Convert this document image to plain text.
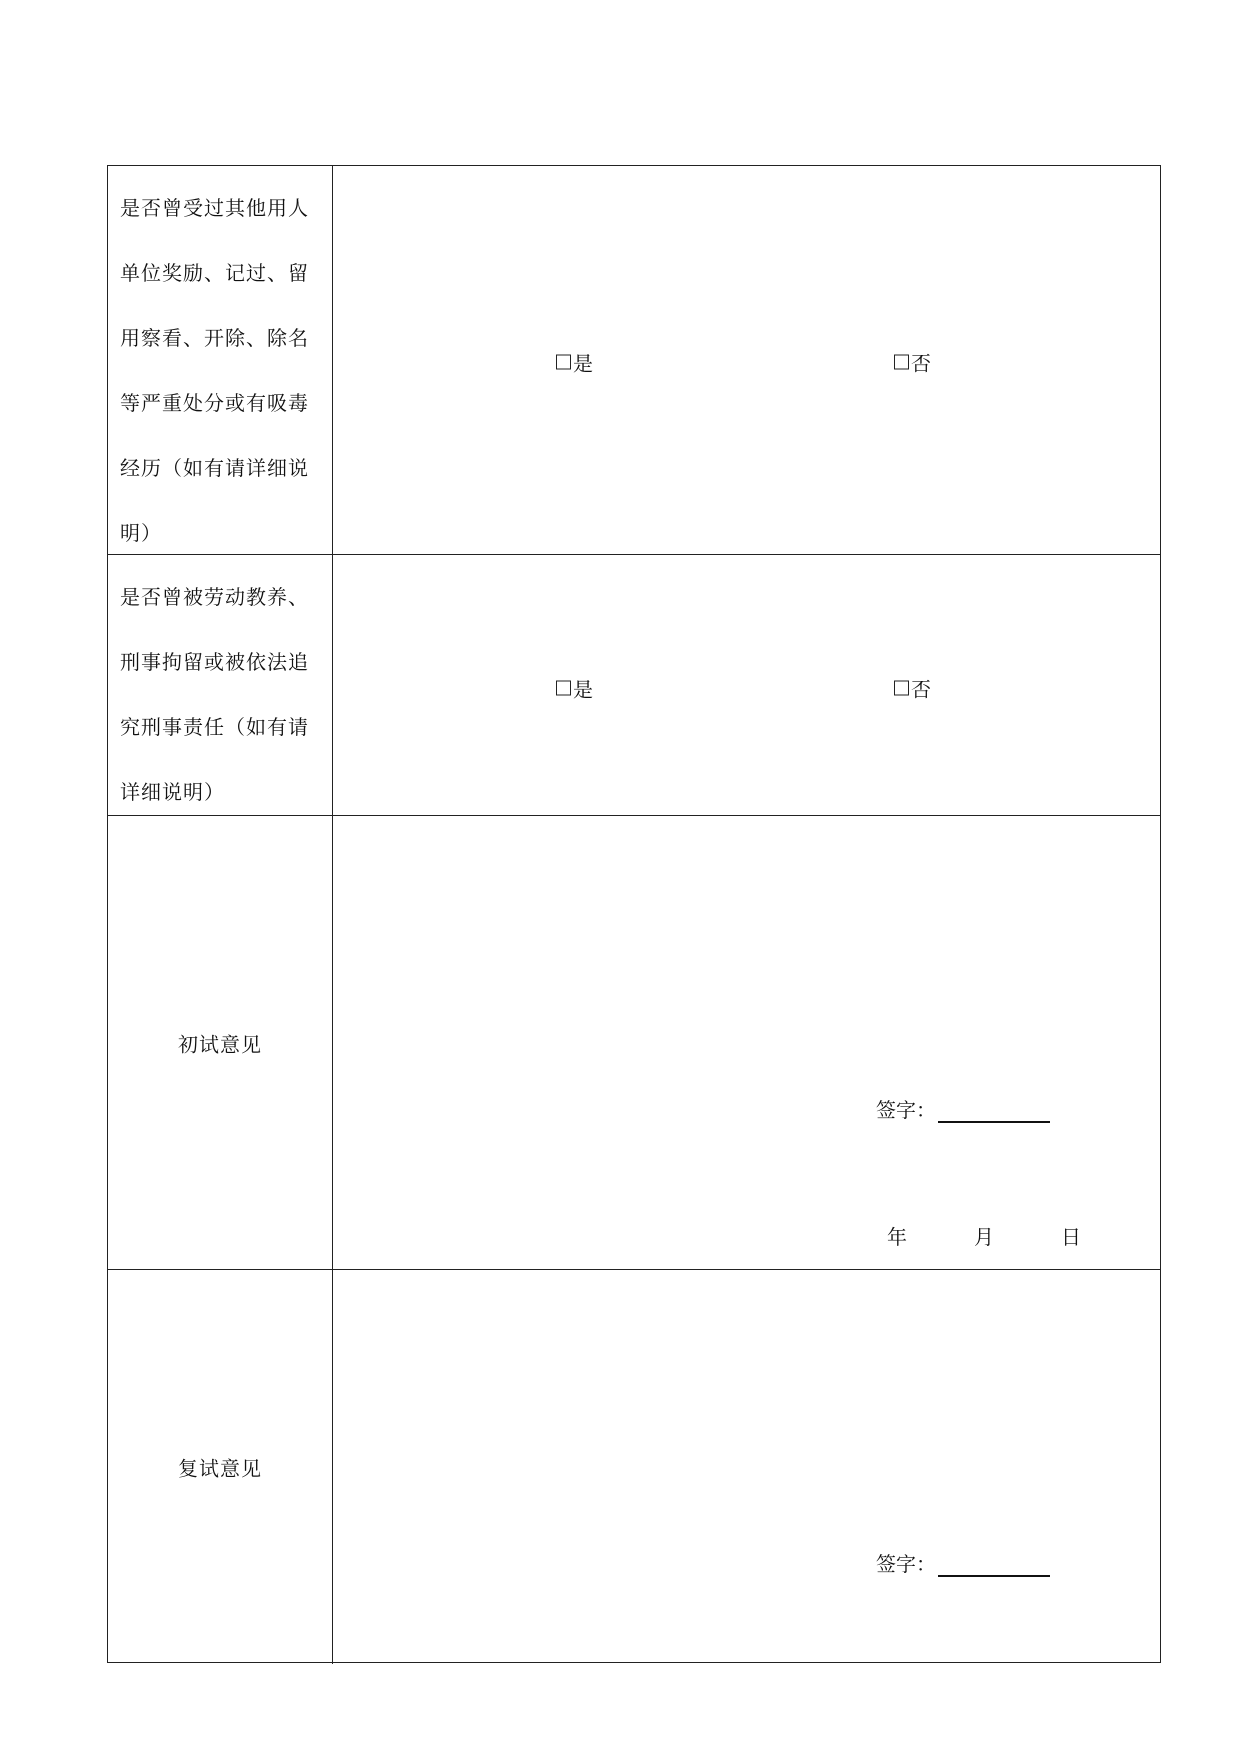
是否曾受过其他用人单位奖励、记过、留用察看、开除、除名等严重处分或有吸毒经历（如有请详细说明）
是	否
是否曾被劳动教养、刑事拘留或被依法追究刑事责任（如有请详细说明）
是	否
初试意见
签字：
年	月	日
复试意见
签字：
